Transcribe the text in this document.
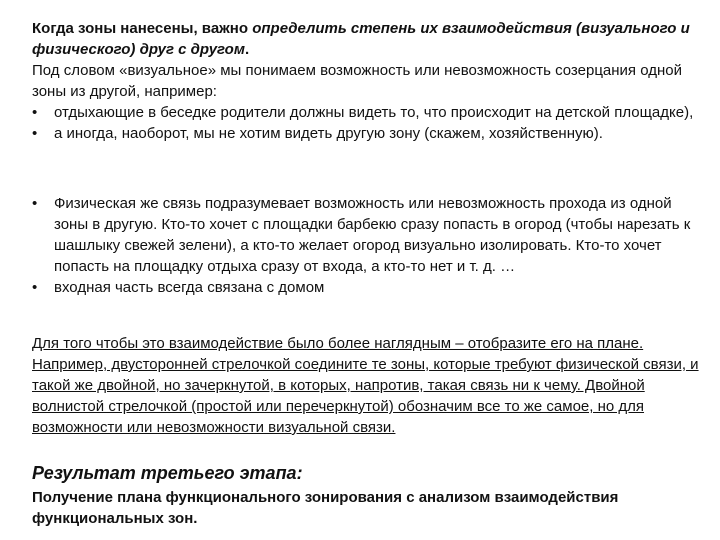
Когда зоны нанесены, важно определить степень их взаимодействия (визуального и физического) друг с другом.

Под словом «визуальное» мы понимаем возможность или невозможность созерцания одной зоны из другой, например:

• отдыхающие в беседке родители должны видеть то, что происходит на детской площадке),
• а иногда, наоборот, мы не хотим видеть другую зону (скажем, хозяйственную).
• Физическая же связь подразумевает возможность или невозможность прохода из одной зоны в другую. Кто-то хочет с площадки барбекю сразу попасть в огород (чтобы нарезать к шашлыку свежей зелени), а кто-то желает огород визуально изолировать. Кто-то хочет попасть на площадку отдыха сразу от входа, а кто-то нет и т. д. …
• входная часть всегда связана с домом

Для того чтобы это взаимодействие было более наглядным – отобразите его на плане. Например, двусторонней стрелочкой соедините те зоны, которые требуют физической связи, и такой же двойной, но зачеркнутой, в которых, напротив, такая связь ни к чему. Двойной волнистой стрелочкой (простой или перечеркнутой) обозначим все то же самое, но для возможности или невозможности визуальной связи.

Результат третьего этапа:

Получение плана функционального зонирования с анализом взаимодействия функциональных зон.
